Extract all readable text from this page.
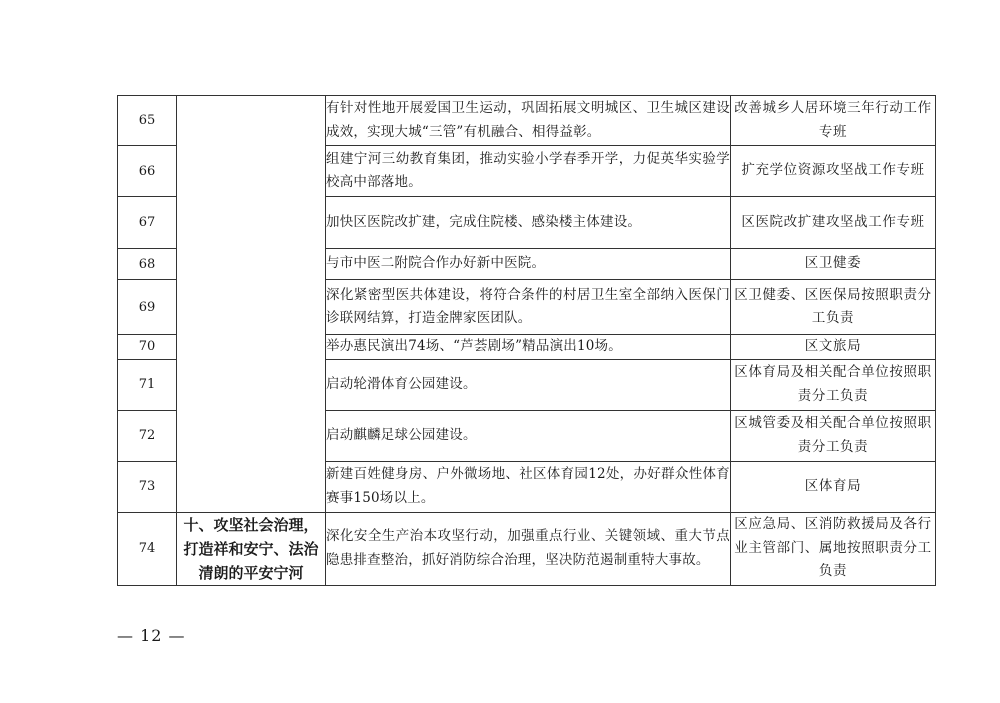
65		有针对性地开展爱国卫生运动，巩固拓展文明城区、卫生城区建设成效，实现大城“三管”有机融合、相得益彰。	改善城乡人居环境三年行动工作专班
66		组建宁河三幼教育集团，推动实验小学春季开学，力促英华实验学校高中部落地。	扩充学位资源攻坚战工作专班
67		加快区医院改扩建，完成住院楼、感染楼主体建设。	区医院改扩建攻坚战工作专班
68		与市中医二附院合作办好新中医院。	区卫健委
69		深化紧密型医共体建设，将符合条件的村居卫生室全部纳入医保门诊联网结算，打造金牌家医团队。	区卫健委、区医保局按照职责分工负责
70		举办惠民演出74场、“芦荟剧场”精品演出10场。	区文旅局
71		启动轮滑体育公园建设。	区体育局及相关配合单位按照职责分工负责
72		启动麒麟足球公园建设。	区城管委及相关配合单位按照职责分工负责
73		新建百姓健身房、户外微场地、社区体育园12处，办好群众性体育赛事150场以上。	区体育局
74	十、攻坚社会治理，打造祥和安宁、法治清朗的平安宁河	深化安全生产治本攻坚行动，加强重点行业、关键领域、重大节点隐患排查整治，抓好消防综合治理，坚决防范遏制重特大事故。	区应急局、区消防救援局及各行业主管部门、属地按照职责分工负责
— 12 —
